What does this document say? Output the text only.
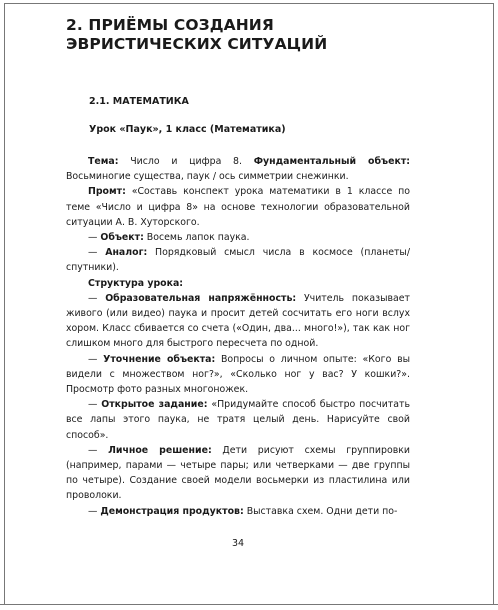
2. ПРИЁМЫ СОЗДАНИЯ ЭВРИСТИЧЕСКИХ СИТУАЦИЙ
2.1. МАТЕМАТИКА
Урок «Паук», 1 класс (Математика)

Тема: Число и цифра 8. Фундаментальный объект: Восьминогие существа, паук / ось симметрии снежинки.

Промт: «Составь конспект урока математики в 1 классе по теме «Число и цифра 8» на основе технологии образовательной ситуации А. В. Хуторского.

— Объект: Восемь лапок паука.

— Аналог: Порядковый смысл числа в космосе (планеты/спутники).

Структура урока:

— Образовательная напряжённость: Учитель показывает живого (или видео) паука и просит детей сосчитать его ноги вслух хором. Класс сбивается со счета («Один, два... много!»), так как ног слишком много для быстрого пересчета по одной.

— Уточнение объекта: Вопросы о личном опыте: «Кого вы видели с множеством ног?», «Сколько ног у вас? У кошки?». Просмотр фото разных многоножек.

— Открытое задание: «Придумайте способ быстро посчитать все лапы этого паука, не тратя целый день. Нарисуйте свой способ».

— Личное решение: Дети рисуют схемы группировки (например, парами — четыре пары; или четверками — две группы по четыре). Создание своей модели восьмерки из пластилина или проволоки.

— Демонстрация продуктов: Выставка схем. Одни дети по-

34
